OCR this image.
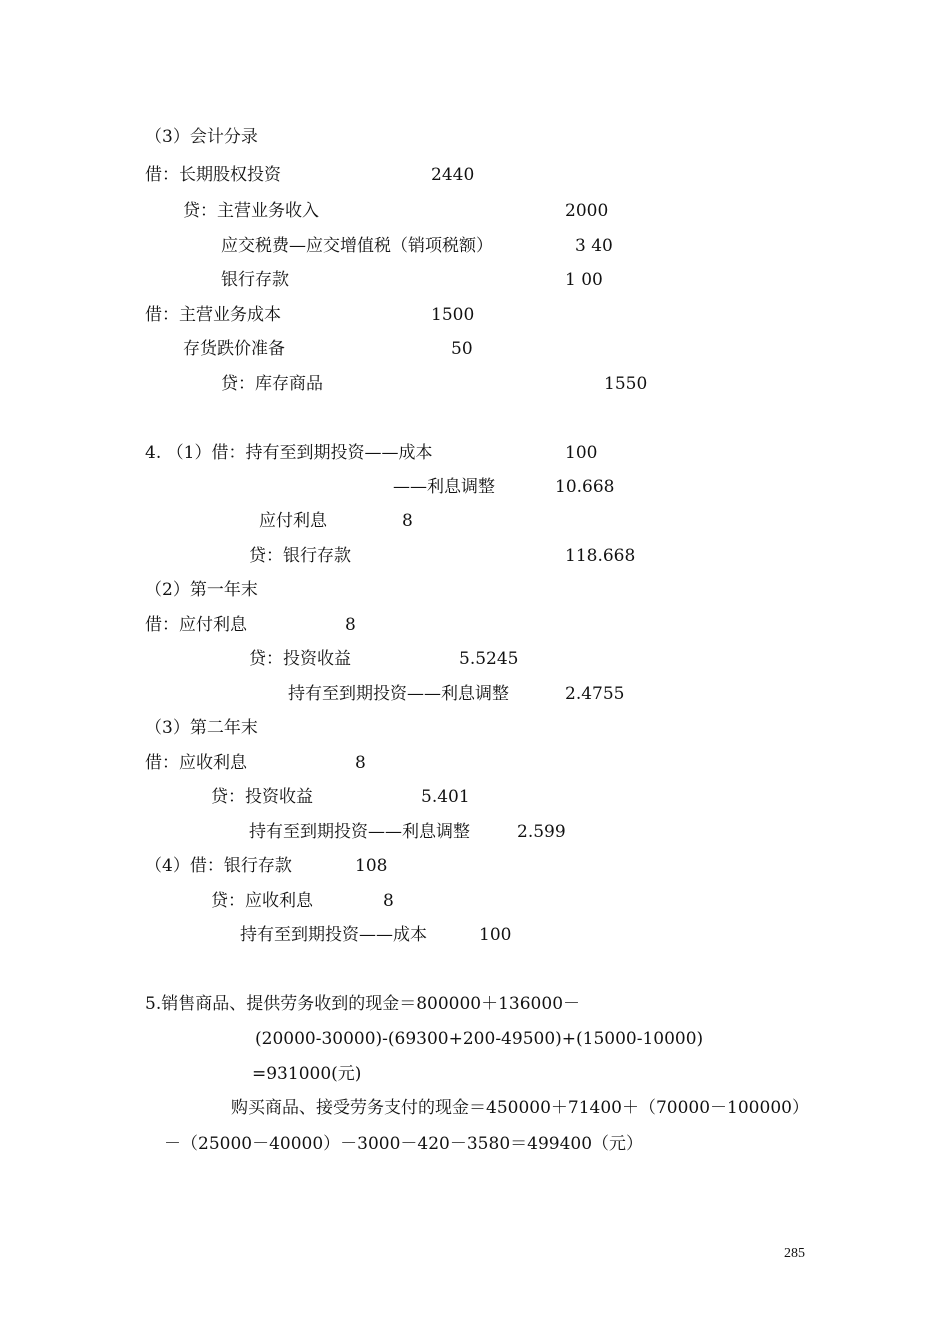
（3）会计分录
借：长期股权投资	2440
贷：主营业务收入	2000
应交税费—应交增值税（销项税额）	3 40
银行存款	1 00
借：主营业务成本	1500
存货跌价准备	50
贷：库存商品	1550
4. （1）借：持有至到期投资——成本	100
——利息调整	10.668
应付利息	8
贷：银行存款	118.668
（2）第一年末
借：应付利息	8
贷：投资收益	5.5245
持有至到期投资——利息调整	2.4755
（3）第二年末
借：应收利息	8
贷：投资收益	5.401
持有至到期投资——利息调整	2.599
（4）借：银行存款	108
贷：应收利息	8
持有至到期投资——成本	100
5.销售商品、提供劳务收到的现金＝800000＋136000－
(20000-30000)-(69300+200-49500)+(15000-10000)
=931000(元)
购买商品、接受劳务支付的现金＝450000＋71400＋（70000－100000）
－（25000－40000）－3000－420－3580＝499400（元）
285
